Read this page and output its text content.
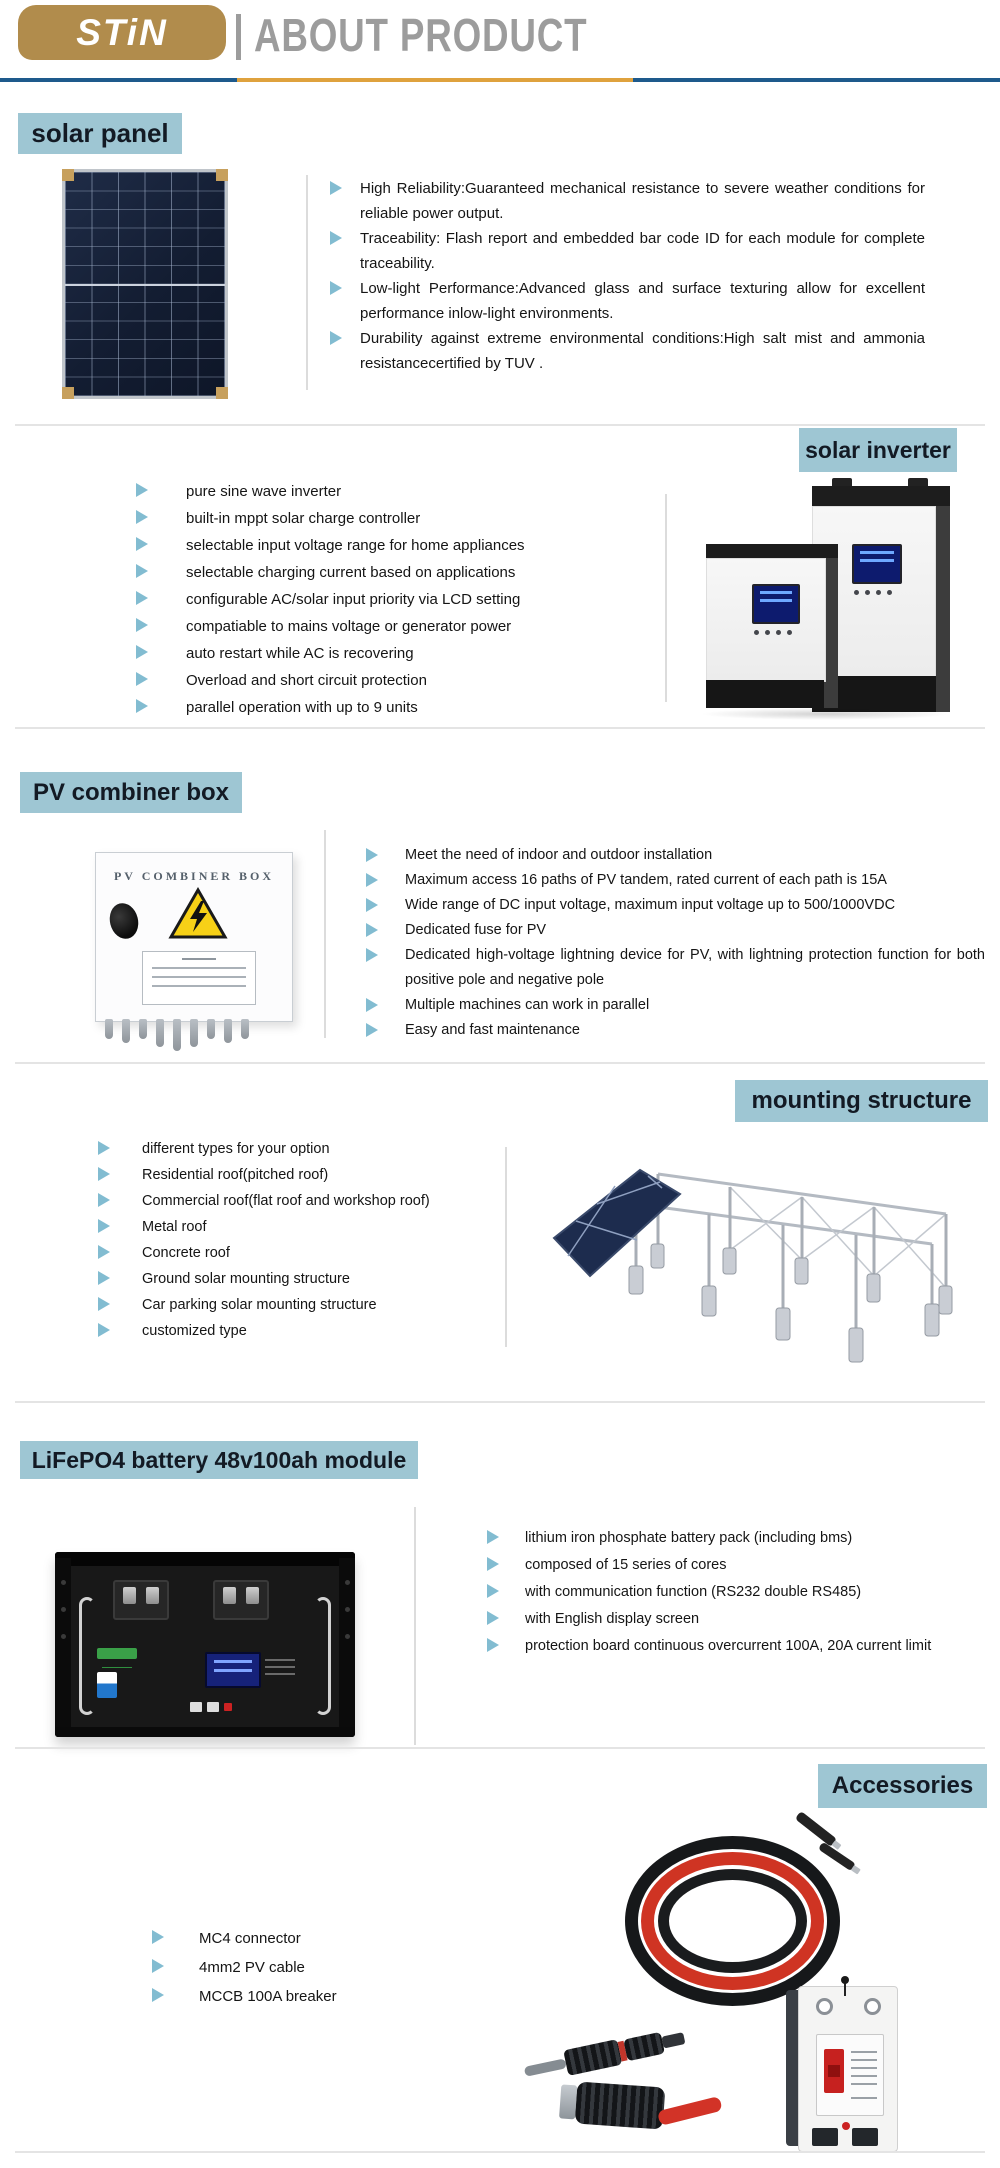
STiN ABOUT PRODUCT
solar panel
High Reliability:Guaranteed mechanical resistance to severe weather conditions for reliable power output.
Traceability: Flash report and embedded bar code ID for each module for complete traceability.
Low-light Performance:Advanced glass and surface texturing allow for excellent performance inlow-light environments.
Durability against extreme environmental conditions:High salt mist and ammonia resistancecertified by TUV .
solar inverter
pure sine wave inverter
built-in mppt solar charge controller
selectable input voltage range for home appliances
selectable charging current based on applications
configurable AC/solar input priority via LCD setting
compatiable to mains voltage or generator power
auto restart while AC is recovering
Overload and short circuit protection
parallel operation with up to 9 units
PV combiner box
PV COMBINER BOX
Meet the need of indoor and outdoor installation
Maximum access 16 paths of PV tandem, rated current of each path is 15A
Wide range of DC input voltage, maximum input voltage up to 500/1000VDC
Dedicated fuse for PV
Dedicated high-voltage lightning device for PV, with lightning protection function for both positive pole and negative pole
Multiple machines can work in parallel
Easy and fast maintenance
mounting structure
different types for your option
Residential roof(pitched roof)
Commercial roof(flat roof and workshop roof)
Metal roof
Concrete roof
Ground solar mounting structure
Car parking solar mounting structure
customized type
LiFePO4 battery 48v100ah module
lithium iron phosphate battery pack (including bms)
composed of 15 series of cores
with communication function (RS232 double RS485)
with English display screen
protection board continuous overcurrent 100A, 20A current limit
Accessories
MC4 connector
4mm2 PV cable
MCCB 100A breaker
